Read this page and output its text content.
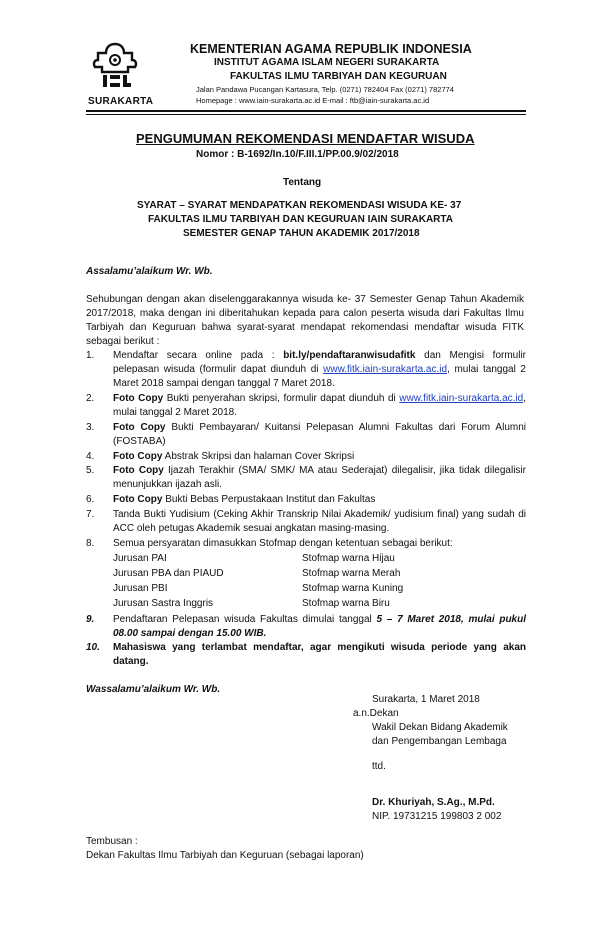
SURAKARTA
KEMENTERIAN AGAMA REPUBLIK INDONESIA
INSTITUT AGAMA ISLAM NEGERI SURAKARTA
FAKULTAS ILMU TARBIYAH DAN KEGURUAN
Jalan Pandawa Pucangan Kartasura, Telp. (0271) 782404 Fax (0271) 782774
Homepage : www.iain-surakarta.ac.id E-mail : ftb@iain-surakarta.ac.id
PENGUMUMAN REKOMENDASI MENDAFTAR WISUDA
Nomor : B-1692/In.10/F.III.1/PP.00.9/02/2018
Tentang
SYARAT – SYARAT MENDAPATKAN REKOMENDASI WISUDA KE- 37
FAKULTAS ILMU TARBIYAH DAN KEGURUAN IAIN SURAKARTA
SEMESTER GENAP TAHUN AKADEMIK 2017/2018
Assalamu’alaikum Wr. Wb.
Sehubungan dengan akan diselenggarakannya wisuda ke- 37 Semester Genap Tahun Akademik 2017/2018, maka dengan ini diberitahukan kepada para calon peserta wisuda dari Fakultas Ilmu Tarbiyah dan Keguruan bahwa syarat-syarat mendapat rekomendasi mendaftar wisuda FITK sebagai berikut :
1. Mendaftar secara online pada : bit.ly/pendaftaranwisudafitk dan Mengisi formulir pelepasan wisuda (formulir dapat diunduh di www.fitk.iain-surakarta.ac.id, mulai tanggal 2 Maret 2018 sampai dengan tanggal 7 Maret 2018.
2. Foto Copy Bukti penyerahan skripsi, formulir dapat diunduh di www.fitk.iain-surakarta.ac.id, mulai tanggal 2 Maret 2018.
3. Foto Copy Bukti Pembayaran/ Kuitansi Pelepasan Alumni Fakultas dari Forum Alumni (FOSTABA)
4. Foto Copy Abstrak Skripsi dan halaman Cover Skripsi
5. Foto Copy Ijazah Terakhir (SMA/ SMK/ MA atau Sederajat) dilegalisir, jika tidak dilegalisir menunjukkan ijazah asli.
6. Foto Copy Bukti Bebas Perpustakaan Institut dan Fakultas
7. Tanda Bukti Yudisium (Ceking Akhir Transkrip Nilai Akademik/ yudisium final) yang sudah di ACC oleh petugas Akademik sesuai angkatan masing-masing.
8. Semua persyaratan dimasukkan Stofmap dengan ketentuan sebagai berikut:
Jurusan PAI	Stofmap warna Hijau
Jurusan PBA dan PIAUD	Stofmap warna Merah
Jurusan PBI	Stofmap warna Kuning
Jurusan Sastra Inggris	Stofmap warna Biru
9. Pendaftaran Pelepasan wisuda Fakultas dimulai tanggal 5 – 7 Maret 2018, mulai pukul 08.00 sampai dengan 15.00 WIB.
10. Mahasiswa yang terlambat mendaftar, agar mengikuti wisuda periode yang akan datang.
Wassalamu’alaikum Wr. Wb.
Surakarta, 1 Maret 2018
a.n.Dekan
Wakil Dekan Bidang Akademik
dan Pengembangan Lembaga
ttd.
Dr. Khuriyah, S.Ag., M.Pd.
NIP. 19731215 199803 2 002
Tembusan :
Dekan Fakultas Ilmu Tarbiyah dan Keguruan (sebagai laporan)
